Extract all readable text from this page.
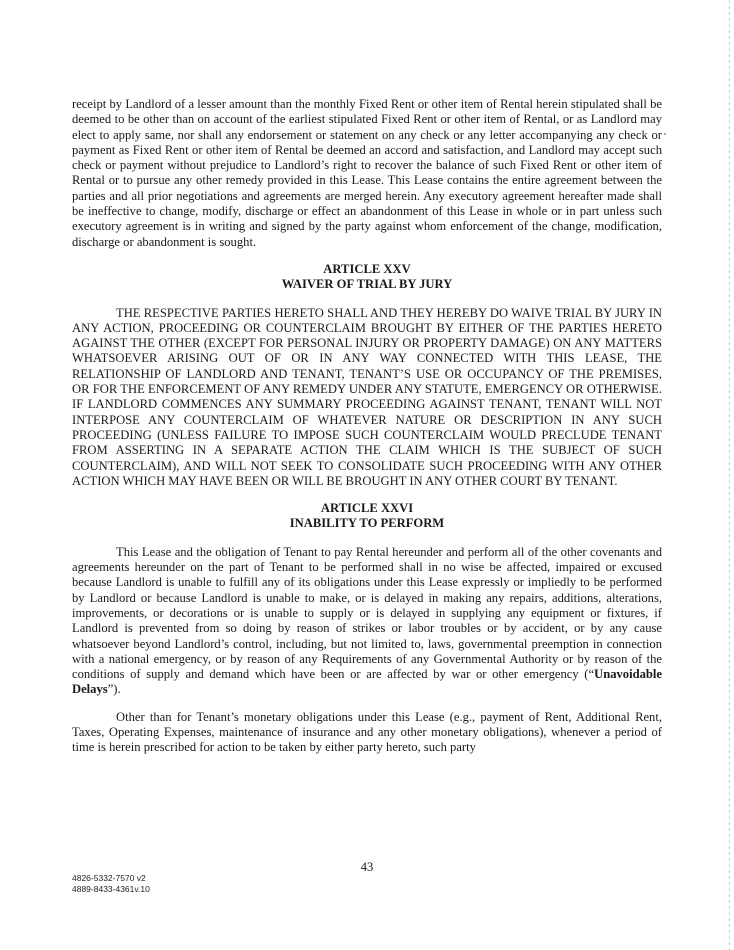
receipt by Landlord of a lesser amount than the monthly Fixed Rent or other item of Rental herein stipulated shall be deemed to be other than on account of the earliest stipulated Fixed Rent or other item of Rental, or as Landlord may elect to apply same, nor shall any endorsement or statement on any check or any letter accompanying any check or payment as Fixed Rent or other item of Rental be deemed an accord and satisfaction, and Landlord may accept such check or payment without prejudice to Landlord’s right to recover the balance of such Fixed Rent or other item of Rental or to pursue any other remedy provided in this Lease. This Lease contains the entire agreement between the parties and all prior negotiations and agreements are merged herein. Any executory agreement hereafter made shall be ineffective to change, modify, discharge or effect an abandonment of this Lease in whole or in part unless such executory agreement is in writing and signed by the party against whom enforcement of the change, modification, discharge or abandonment is sought.

ARTICLE XXV
WAIVER OF TRIAL BY JURY

THE RESPECTIVE PARTIES HERETO SHALL AND THEY HEREBY DO WAIVE TRIAL BY JURY IN ANY ACTION, PROCEEDING OR COUNTERCLAIM BROUGHT BY EITHER OF THE PARTIES HERETO AGAINST THE OTHER (EXCEPT FOR PERSONAL INJURY OR PROPERTY DAMAGE) ON ANY MATTERS WHATSOEVER ARISING OUT OF OR IN ANY WAY CONNECTED WITH THIS LEASE, THE RELATIONSHIP OF LANDLORD AND TENANT, TENANT’S USE OR OCCUPANCY OF THE PREMISES, OR FOR THE ENFORCEMENT OF ANY REMEDY UNDER ANY STATUTE, EMERGENCY OR OTHERWISE. IF LANDLORD COMMENCES ANY SUMMARY PROCEEDING AGAINST TENANT, TENANT WILL NOT INTERPOSE ANY COUNTERCLAIM OF WHATEVER NATURE OR DESCRIPTION IN ANY SUCH PROCEEDING (UNLESS FAILURE TO IMPOSE SUCH COUNTERCLAIM WOULD PRECLUDE TENANT FROM ASSERTING IN A SEPARATE ACTION THE CLAIM WHICH IS THE SUBJECT OF SUCH COUNTERCLAIM), AND WILL NOT SEEK TO CONSOLIDATE SUCH PROCEEDING WITH ANY OTHER ACTION WHICH MAY HAVE BEEN OR WILL BE BROUGHT IN ANY OTHER COURT BY TENANT.

ARTICLE XXVI
INABILITY TO PERFORM

This Lease and the obligation of Tenant to pay Rental hereunder and perform all of the other covenants and agreements hereunder on the part of Tenant to be performed shall in no wise be affected, impaired or excused because Landlord is unable to fulfill any of its obligations under this Lease expressly or impliedly to be performed by Landlord or because Landlord is unable to make, or is delayed in making any repairs, additions, alterations, improvements, or decorations or is unable to supply or is delayed in supplying any equipment or fixtures, if Landlord is prevented from so doing by reason of strikes or labor troubles or by accident, or by any cause whatsoever beyond Landlord’s control, including, but not limited to, laws, governmental preemption in connection with a national emergency, or by reason of any Requirements of any Governmental Authority or by reason of the conditions of supply and demand which have been or are affected by war or other emergency (“Unavoidable Delays”).

Other than for Tenant’s monetary obligations under this Lease (e.g., payment of Rent, Additional Rent, Taxes, Operating Expenses, maintenance of insurance and any other monetary obligations), whenever a period of time is herein prescribed for action to be taken by either party hereto, such party

43
4826-5332-7570 v2
4889-8433-4361v.10
